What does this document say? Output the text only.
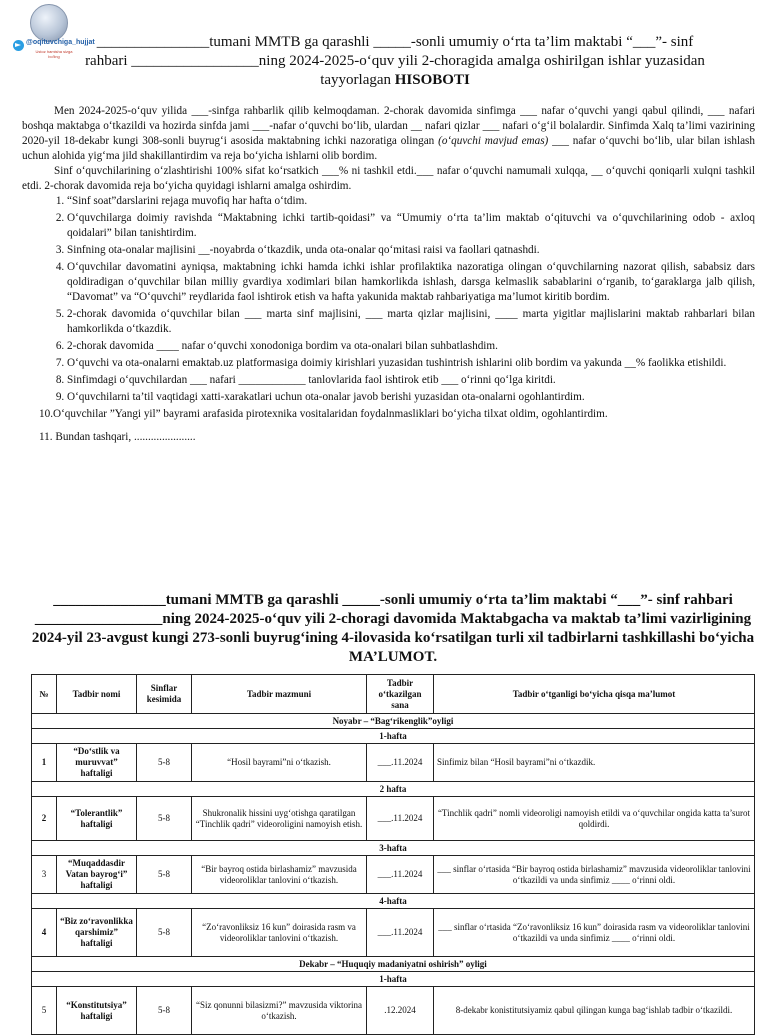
@oqituvchiga_hujjat
Ustoz hamisha sizga bo'ling
_______________tumani MMTB ga qarashli _____-sonli umumiy o‘rta ta’lim maktabi “___”- sinf
rahbari _________________ning 2024-2025-o‘quv yili 2-choragida amalga oshirilgan ishlar yuzasidan
tayyorlagan HISOBOTI

Men 2024-2025-o‘quv yilida ___-sinfga rahbarlik qilib kelmoqdaman. 2-chorak davomida sinfimga ___ nafar o‘quvchi yangi qabul qilindi, ___ nafari boshqa maktabga o‘tkazildi va hozirda sinfda jami ___-nafar o‘quvchi bo‘lib, ulardan __ nafari qizlar ___ nafari o‘g‘il bolalardir. Sinfimda Xalq ta’limi vazirining 2020-yil 18-dekabr kungi 308-sonli buyrug‘i asosida maktabning ichki nazoratiga olingan (o‘quvchi mavjud emas) ___ nafar o‘quvchi bo‘lib, ular bilan ishlash uchun alohida yig‘ma jild shakillantirdim va reja bo‘yicha ishlarni olib bordim.

Sinf o‘quvchilarining o‘zlashtirishi 100% sifat ko‘rsatkich ___% ni tashkil etdi.___ nafar o‘quvchi namumali xulqqa, __ o‘quvchi qoniqarli xulqni tashkil etdi. 2-chorak davomida reja bo‘yicha quyidagi ishlarni amalga oshirdim.

1. “Sinf soat”darslarini rejaga muvofiq har hafta o‘tdim.
2. O‘quvchilarga doimiy ravishda “Maktabning ichki tartib-qoidasi” va “Umumiy o‘rta ta’lim maktab o‘qituvchi va o‘quvchilarining odob - axloq qoidalari” bilan tanishtirdim.
3. Sinfning ota-onalar majlisini __-noyabrda o‘tkazdik, unda ota-onalar qo‘mitasi raisi va faollari qatnashdi.
4. O‘quvchilar davomatini ayniqsa, maktabning ichki hamda ichki ishlar profilaktika nazoratiga olingan o‘quvchilarning nazorat qilish, sababsiz dars qoldiradigan o‘quvchilar bilan milliy gvardiya xodimlari bilan hamkorlikda ishlash, darsga kelmaslik sabablarini o‘rganib, to‘garaklarga jalb qilish, “Davomat” va “O‘quvchi” reydlarida faol ishtirok etish va hafta yakunida maktab rahbariyatiga ma’lumot kiritib bordim.
5. 2-chorak davomida o‘quvchilar bilan ___ marta sinf majlisini, ___ marta qizlar majlisini, ____ marta yigitlar majlislarini maktab rahbarlari bilan hamkorlikda o‘tkazdik.
6. 2-chorak davomida ____ nafar o‘quvchi xonodoniga bordim va ota-onalari bilan suhbatlashdim.
7. O‘quvchi va ota-onalarni emaktab.uz platformasiga doimiy kirishlari yuzasidan tushintrish ishlarini olib bordim va yakunda __% faolikka etishildi.
8. Sinfimdagi o‘quvchilardan ___ nafari ____________ tanlovlarida faol ishtirok etib ___ o‘rinni qo‘lga kiritdi.
9. O‘quvchilarni ta’til vaqtidagi xatti-xarakatlari uchun ota-onalar javob berishi yuzasidan ota-onalarni ogohlantirdim.
10.O‘quvchilar ”Yangi yil” bayrami arafasida pirotexnika vositalaridan foydalnmasliklari bo‘yicha tilxat oldim, ogohlantirdim.
11. Bundan tashqari, ......................
_______________tumani MMTB ga qarashli _____-sonli umumiy o‘rta ta’lim maktabi “___”- sinf rahbari _________________ning 2024-2025-o‘quv yili 2-choragi davomida Maktabgacha va maktab ta’limi vazirligining 2024-yil 23-avgust kungi 273-sonli buyrug‘ining 4-ilovasida ko‘rsatilgan turli xil tadbirlarni tashkillashi bo‘yicha MA’LUMOT.
№	Tadbir nomi	Sinflar kesimida	Tadbir mazmuni	Tadbir o‘tkazilgan sana	Tadbir o‘tganligi bo‘yicha qisqa ma’lumot
Noyabr – “Bag‘rikenglik”oyligi					
1-hafta					
1	“Do‘stlik va muruvvat” haftaligi	5-8	“Hosil bayrami”ni o‘tkazish.	___.11.2024	Sinfimiz bilan “Hosil bayrami”ni o‘tkazdik.
2 hafta					
2	“Tolerantlik” haftaligi	5-8	Shukronalik hissini uyg‘otishga qaratilgan “Tinchlik qadri” videoroligini namoyish etish.	___.11.2024	“Tinchlik qadri” nomli videoroligi namoyish etildi va o‘quvchilar ongida katta ta’surot qoldirdi.
3-hafta					
3	“Muqaddasdir Vatan bayrog‘i” haftaligi	5-8	“Bir bayroq ostida birlashamiz” mavzusida videoroliklar tanlovini o‘tkazish.	___.11.2024	___ sinflar o‘rtasida “Bir bayroq ostida birlashamiz” mavzusida videoroliklar tanlovini o‘tkazildi va unda sinfimiz ____ o‘rinni oldi.
4-hafta					
4	“Biz zo‘ravonlikka qarshimiz” haftaligi	5-8	“Zo‘ravonliksiz 16 kun” doirasida rasm va videoroliklar tanlovini o‘tkazish.	___.11.2024	___ sinflar o‘rtasida “Zo‘ravonliksiz 16 kun” doirasida rasm va videoroliklar tanlovini o‘tkazildi va unda sinfimiz ____ o‘rinni oldi.
Dekabr – “Huquqiy madaniyatni oshirish” oyligi					
1-hafta					
5	“Konstitutsiya” haftaligi	5-8	“Siz qonunni bilasizmi?” mavzusida viktorina o‘tkazish.	.12.2024	8-dekabr konistitutsiyamiz qabul qilingan kunga bag‘ishlab tadbir o‘tkazildi.
